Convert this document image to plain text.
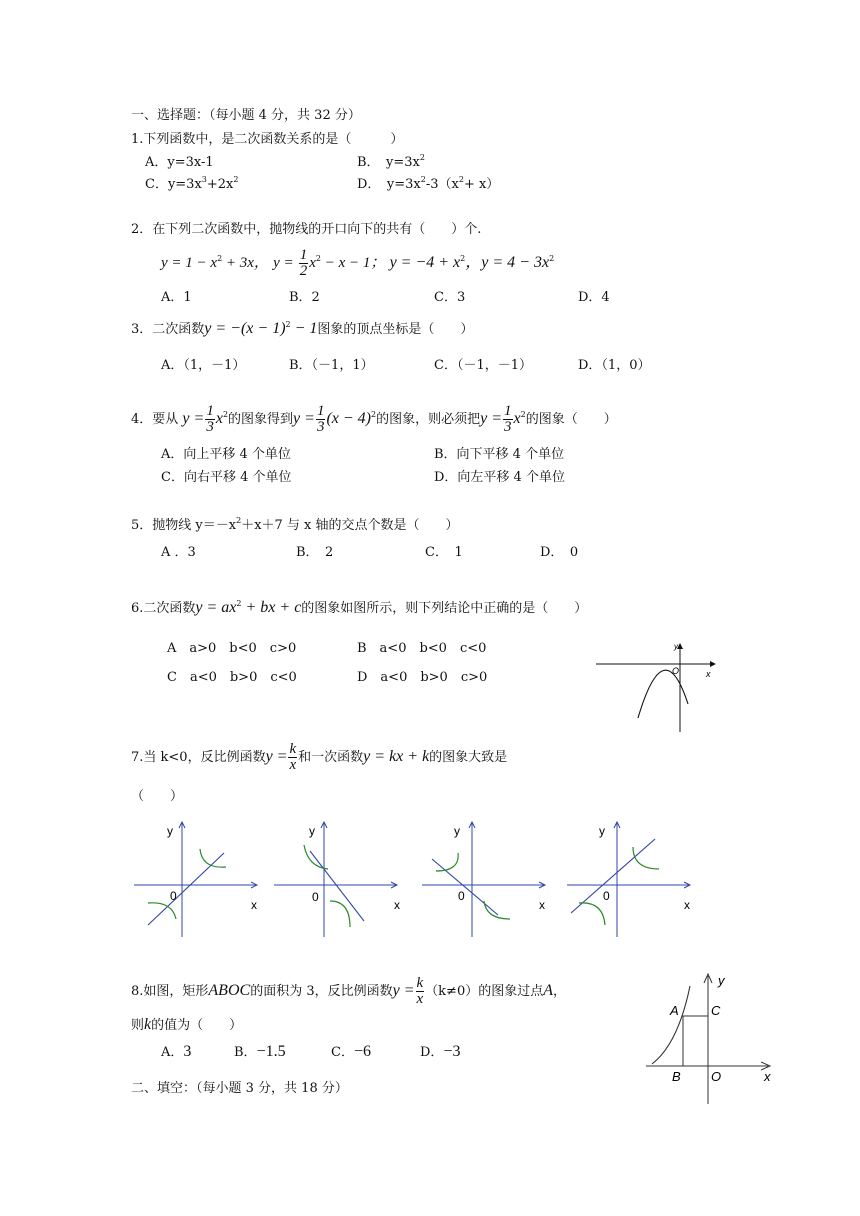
一、选择题：（每小题 4 分，共 32 分）
1.下列函数中，是二次函数关系的是（　　　）
A．y=3x-1	B．　$y=3x^2$
C．$y=3x^3+2x^2$	D．　$y=3x^2-3(x^2+ x)$
2．在下列二次函数中，抛物线的开口向下的共有（　　）个.
$y = 1 - x^2 + 3x$， $y = \frac{1}{2} x^2 - x - 1$； $y = -4 + x^2$，$y = 4 - 3x^2$
A．1	B．2	C．3	D．4
3．二次函数$y = -(x - 1)^2 - 1$图象的顶点坐标是（　　）
A．（1，－1）	B．（－1，1）	C．（－1，－1）	D．（1，0）
4．要从 $y = \frac{1}{3} x^2$的图象得到$y = \frac{1}{3} (x - 4)^2$的图象，则必须把$y = \frac{1}{3} x^2$的图象（　　）
A．向上平移 4 个单位	B．向下平移 4 个单位
C．向右平移 4 个单位	D．向左平移 4 个单位
5．抛物线 $y=-x^2+x+7$ 与 x 轴的交点个数是（　　）
A ．3	B．　2	C．　1	D．　0
6.二次函数$y = ax^2$ + bx + c的图象如图所示，则下列结论中正确的是（　　）
A　a>0　b<0　c>0	B　a<0　b<0　c<0
C　a<0　b>0　c<0	D　a<0　b>0　c>0
y
O	x
7.当 k<0，反比例函数$y = \frac{k}{x}$ 和一次函数y = kx + k的图象大致是
（　　）
y
x
0
y
x
0
y
x
0
y
x
0
8.如图，矩形ABOC的面积为 3，反比例函数$y = \frac{k}{x} (k\ne 0)$的图象过点A，
则k的值为（　　）
A．3	B．−1.5	C．−6	D．−3
y
x
A C
B O
二、填空：（每小题 3 分，共 18 分）
